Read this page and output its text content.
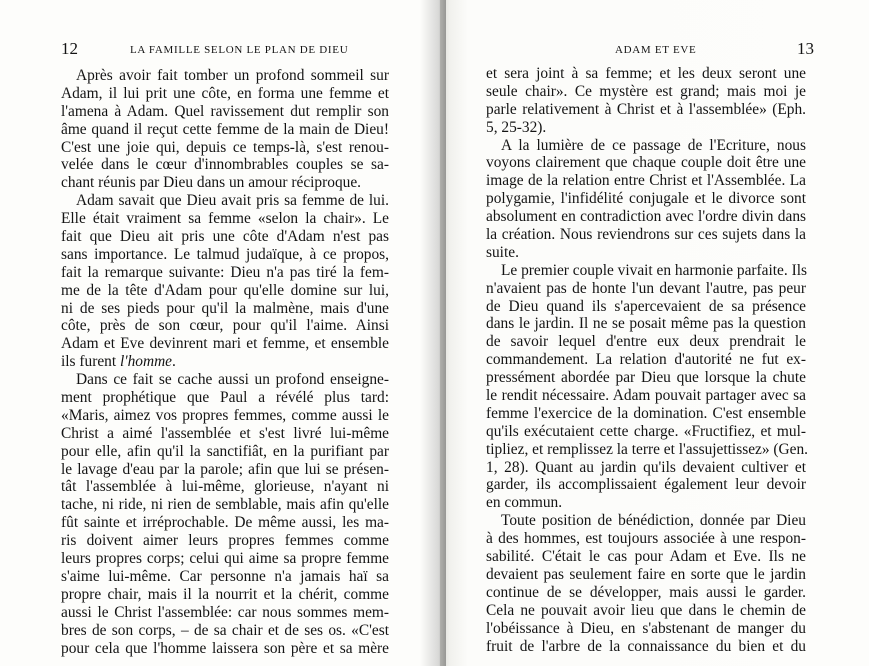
12	LA FAMILLE SELON LE PLAN DE DIEU
Après avoir fait tomber un profond sommeil sur
Adam, il lui prit une côte, en forma une femme et
l'amena à Adam. Quel ravissement dut remplir son
âme quand il reçut cette femme de la main de Dieu!
C'est une joie qui, depuis ce temps-là, s'est renou-
velée dans le cœur d'innombrables couples se sa-
chant réunis par Dieu dans un amour réciproque.
Adam savait que Dieu avait pris sa femme de lui.
Elle était vraiment sa femme «selon la chair». Le
fait que Dieu ait pris une côte d'Adam n'est pas
sans importance. Le talmud judaïque, à ce propos,
fait la remarque suivante: Dieu n'a pas tiré la fem-
me de la tête d'Adam pour qu'elle domine sur lui,
ni de ses pieds pour qu'il la malmène, mais d'une
côte, près de son cœur, pour qu'il l'aime. Ainsi
Adam et Eve devinrent mari et femme, et ensemble
ils furent l'homme.
Dans ce fait se cache aussi un profond enseigne-
ment prophétique que Paul a révélé plus tard:
«Maris, aimez vos propres femmes, comme aussi le
Christ a aimé l'assemblée et s'est livré lui-même
pour elle, afin qu'il la sanctifiât, en la purifiant par
le lavage d'eau par la parole; afin que lui se présen-
tât l'assemblée à lui-même, glorieuse, n'ayant ni
tache, ni ride, ni rien de semblable, mais afin qu'elle
fût sainte et irréprochable. De même aussi, les ma-
ris doivent aimer leurs propres femmes comme
leurs propres corps; celui qui aime sa propre femme
s'aime lui-même. Car personne n'a jamais haï sa
propre chair, mais il la nourrit et la chérit, comme
aussi le Christ l'assemblée: car nous sommes mem-
bres de son corps, – de sa chair et de ses os. «C'est
pour cela que l'homme laissera son père et sa mère
ADAM ET EVE	13
et sera joint à sa femme; et les deux seront une
seule chair». Ce mystère est grand; mais moi je
parle relativement à Christ et à l'assemblée» (Eph.
5, 25-32).
A la lumière de ce passage de l'Ecriture, nous
voyons clairement que chaque couple doit être une
image de la relation entre Christ et l'Assemblée. La
polygamie, l'infidélité conjugale et le divorce sont
absolument en contradiction avec l'ordre divin dans
la création. Nous reviendrons sur ces sujets dans la
suite.
Le premier couple vivait en harmonie parfaite. Ils
n'avaient pas de honte l'un devant l'autre, pas peur
de Dieu quand ils s'apercevaient de sa présence
dans le jardin. Il ne se posait même pas la question
de savoir lequel d'entre eux deux prendrait le
commandement. La relation d'autorité ne fut ex-
pressément abordée par Dieu que lorsque la chute
le rendit nécessaire. Adam pouvait partager avec sa
femme l'exercice de la domination. C'est ensemble
qu'ils exécutaient cette charge. «Fructifiez, et mul-
tipliez, et remplissez la terre et l'assujettissez» (Gen.
1, 28). Quant au jardin qu'ils devaient cultiver et
garder, ils accomplissaient également leur devoir
en commun.
Toute position de bénédiction, donnée par Dieu
à des hommes, est toujours associée à une respon-
sabilité. C'était le cas pour Adam et Eve. Ils ne
devaient pas seulement faire en sorte que le jardin
continue de se développer, mais aussi le garder.
Cela ne pouvait avoir lieu que dans le chemin de
l'obéissance à Dieu, en s'abstenant de manger du
fruit de l'arbre de la connaissance du bien et du
